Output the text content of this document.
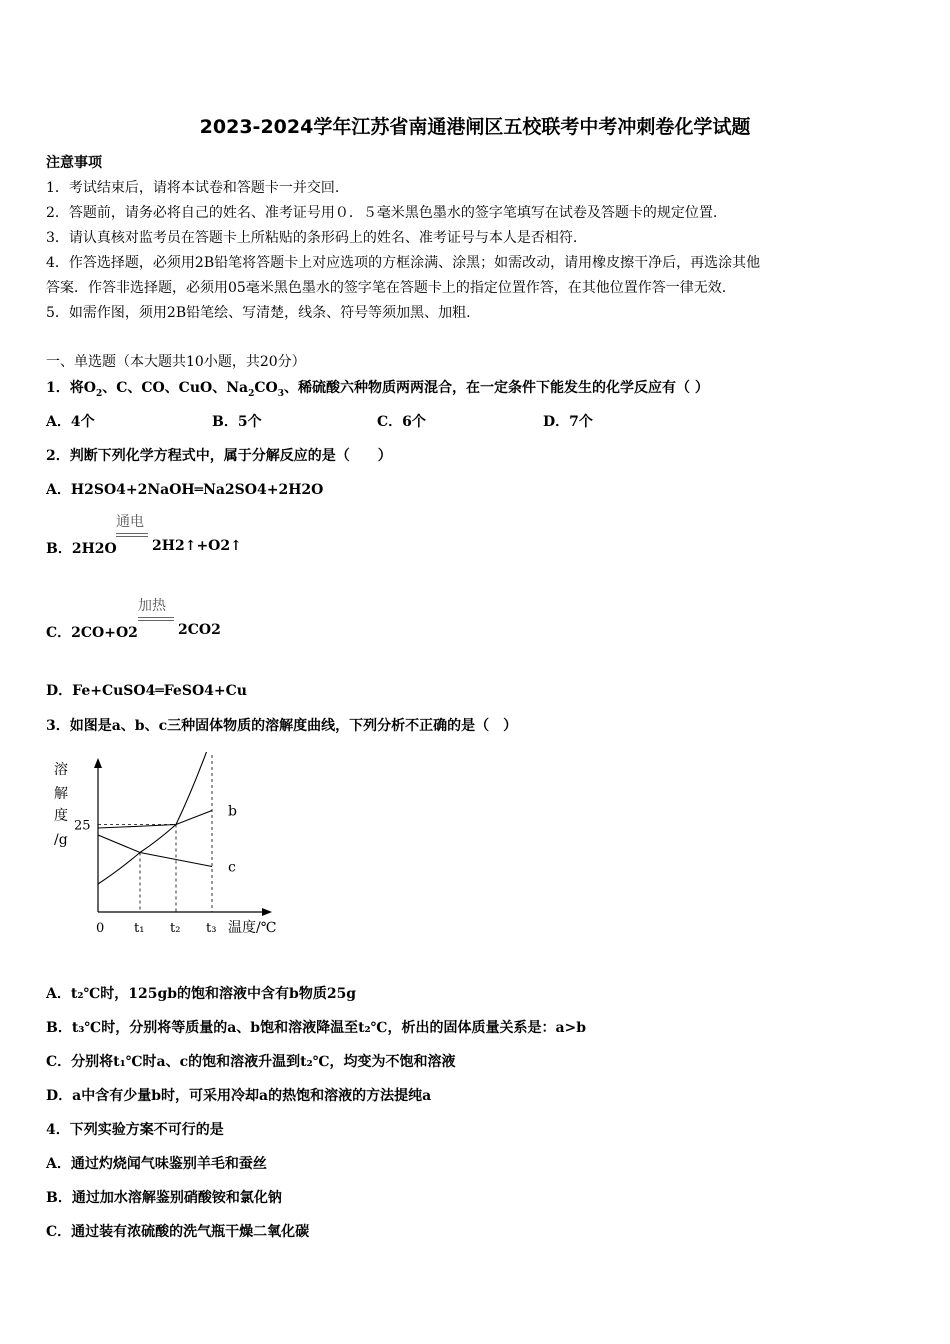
2023-2024学年江苏省南通港闸区五校联考中考冲刺卷化学试题
注意事项
1．考试结束后，请将本试卷和答题卡一并交回.
2．答题前，请务必将自己的姓名、准考证号用０．５毫米黑色墨水的签字笔填写在试卷及答题卡的规定位置.
3．请认真核对监考员在答题卡上所粘贴的条形码上的姓名、准考证号与本人是否相符.
4．作答选择题，必须用2B铅笔将答题卡上对应选项的方框涂满、涂黑；如需改动，请用橡皮擦干净后，再选涂其他
答案．作答非选择题，必须用05毫米黑色墨水的签字笔在答题卡上的指定位置作答，在其他位置作答一律无效.
5．如需作图，须用2B铅笔绘、写清楚，线条、符号等须加黑、加粗.
一、单选题（本大题共10小题，共20分）
1．将$O_2$、C、CO、CuO、$Na_2CO_3$、稀硫酸六种物质两两混合，在一定条件下能发生的化学反应有（ ）
A．4个	B．5个	C．6个	D．7个
2．判断下列化学方程式中，属于分解反应的是（　　）
A．H2SO4+2NaOH═Na2SO4+2H2O
通电
B．2H2O	2H2↑+O2↑
加热
C．2CO+O2	2CO2
D．Fe+CuSO4═FeSO4+Cu
3．如图是a、b、c三种固体物质的溶解度曲线，下列分析不正确的是（　）
b
c
溶
解
度
/g
25
0 t₁ t₂ t₃ 温度/℃
A．t₂℃时，125gb的饱和溶液中含有b物质25g
B．t₃℃时，分别将等质量的a、b饱和溶液降温至t₂℃，析出的固体质量关系是：a>b
C．分别将t₁℃时a、c的饱和溶液升温到t₂℃，均变为不饱和溶液
D．a中含有少量b时，可采用冷却a的热饱和溶液的方法提纯a
4．下列实验方案不可行的是
A．通过灼烧闻气味鉴别羊毛和蚕丝
B．通过加水溶解鉴别硝酸铵和氯化钠
C．通过装有浓硫酸的洗气瓶干燥二氧化碳
